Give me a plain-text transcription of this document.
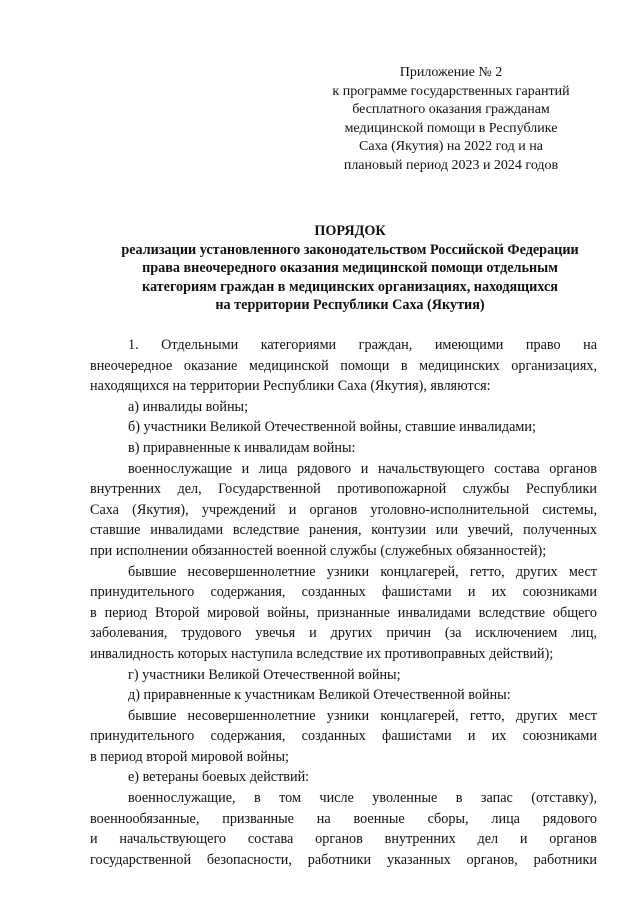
Приложение № 2
к программе государственных гарантий
бесплатного оказания гражданам
медицинской помощи в Республике
Саха (Якутия) на 2022 год и на
плановый период 2023 и 2024 годов
ПОРЯДОК
реализации установленного законодательством Российской Федерации
права внеочередного оказания медицинской помощи отдельным
категориям граждан в медицинских организациях, находящихся
на территории Республики Саха (Якутия)
1. Отдельными категориями граждан, имеющими право на
внеочередное оказание медицинской помощи в медицинских организациях,
находящихся на территории Республики Саха (Якутия), являются:
а) инвалиды войны;
б) участники Великой Отечественной войны, ставшие инвалидами;
в) приравненные к инвалидам войны:
военнослужащие и лица рядового и начальствующего состава органов
внутренних дел, Государственной противопожарной службы Республики
Саха (Якутия), учреждений и органов уголовно-исполнительной системы,
ставшие инвалидами вследствие ранения, контузии или увечий, полученных
при исполнении обязанностей военной службы (служебных обязанностей);
бывшие несовершеннолетние узники концлагерей, гетто, других мест
принудительного содержания, созданных фашистами и их союзниками
в период Второй мировой войны, признанные инвалидами вследствие общего
заболевания, трудового увечья и других причин (за исключением лиц,
инвалидность которых наступила вследствие их противоправных действий);
г) участники Великой Отечественной войны;
д) приравненные к участникам Великой Отечественной войны:
бывшие несовершеннолетние узники концлагерей, гетто, других мест
принудительного содержания, созданных фашистами и их союзниками
в период второй мировой войны;
е) ветераны боевых действий:
военнослужащие, в том числе уволенные в запас (отставку),
военнообязанные, призванные на военные сборы, лица рядового
и начальствующего состава органов внутренних дел и органов
государственной безопасности, работники указанных органов, работники
